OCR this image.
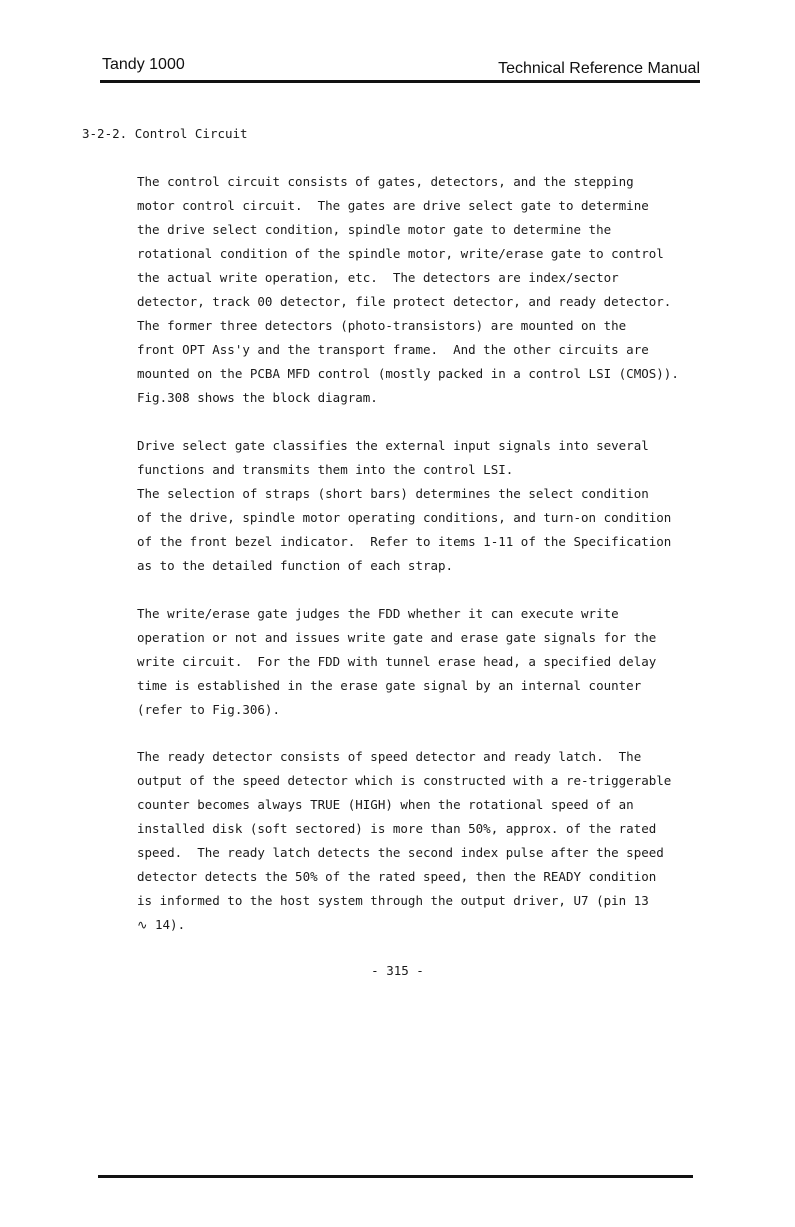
Tandy 1000	Technical Reference Manual
3-2-2. Control Circuit
The control circuit consists of gates, detectors, and the stepping
motor control circuit.  The gates are drive select gate to determine
the drive select condition, spindle motor gate to determine the
rotational condition of the spindle motor, write/erase gate to control
the actual write operation, etc.  The detectors are index/sector
detector, track 00 detector, file protect detector, and ready detector.
The former three detectors (photo-transistors) are mounted on the
front OPT Ass'y and the transport frame.  And the other circuits are
mounted on the PCBA MFD control (mostly packed in a control LSI (CMOS)).
Fig.308 shows the block diagram.
Drive select gate classifies the external input signals into several
functions and transmits them into the control LSI.
The selection of straps (short bars) determines the select condition
of the drive, spindle motor operating conditions, and turn-on condition
of the front bezel indicator.  Refer to items 1-11 of the Specification
as to the detailed function of each strap.
The write/erase gate judges the FDD whether it can execute write
operation or not and issues write gate and erase gate signals for the
write circuit.  For the FDD with tunnel erase head, a specified delay
time is established in the erase gate signal by an internal counter
(refer to Fig.306).
The ready detector consists of speed detector and ready latch.  The
output of the speed detector which is constructed with a re-triggerable
counter becomes always TRUE (HIGH) when the rotational speed of an
installed disk (soft sectored) is more than 50%, approx. of the rated
speed.  The ready latch detects the second index pulse after the speed
detector detects the 50% of the rated speed, then the READY condition
is informed to the host system through the output driver, U7 (pin 13
∿ 14).
- 315 -
